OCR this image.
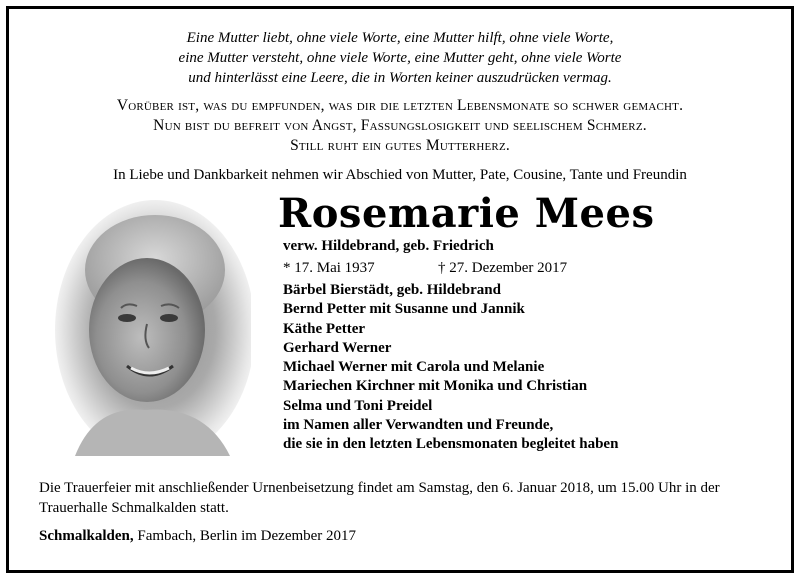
Eine Mutter liebt, ohne viele Worte, eine Mutter hilft, ohne viele Worte,
eine Mutter versteht, ohne viele Worte, eine Mutter geht, ohne viele Worte
und hinterlässt eine Leere, die in Worten keiner auszudrücken vermag.
Vorüber ist, was du empfunden, was dir die letzten Lebensmonate so schwer gemacht.
Nun bist du befreit von Angst, Fassungslosigkeit und seelischem Schmerz.
Still ruht ein gutes Mutterherz.
In Liebe und Dankbarkeit nehmen wir Abschied von Mutter, Pate, Cousine, Tante und Freundin
Rosemarie Mees
verw. Hildebrand, geb. Friedrich
* 17. Mai 1937	† 27. Dezember 2017
Bärbel Bierstädt, geb. Hildebrand
Bernd Petter mit Susanne und Jannik
Käthe Petter
Gerhard Werner
Michael Werner mit Carola und Melanie
Mariechen Kirchner mit Monika und Christian
Selma und Toni Preidel
im Namen aller Verwandten und Freunde,
die sie in den letzten Lebensmonaten begleitet haben
Die Trauerfeier mit anschließender Urnenbeisetzung findet am Samstag, den 6. Januar 2018, um 15.00 Uhr in der Trauerhalle Schmalkalden statt.
Schmalkalden, Fambach, Berlin im Dezember 2017
